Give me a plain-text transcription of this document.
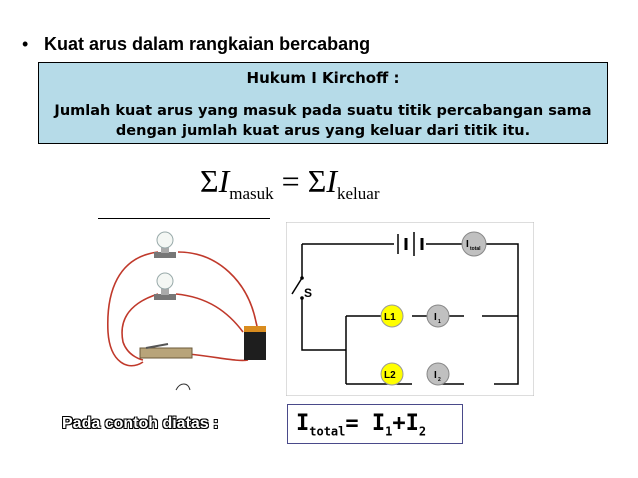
• Kuat arus dalam rangkaian bercabang
Hukum I Kirchoff :
Jumlah kuat arus yang masuk pada suatu titik percabangan sama
dengan jumlah kuat arus yang keluar dari titik itu.
$\Sigma I_{masuk} = \Sigma I_{keluar}$
S
I total
L1	I 1
L2	I 2
Pada contoh diatas :	$I_{total}= I_1+I_2$
